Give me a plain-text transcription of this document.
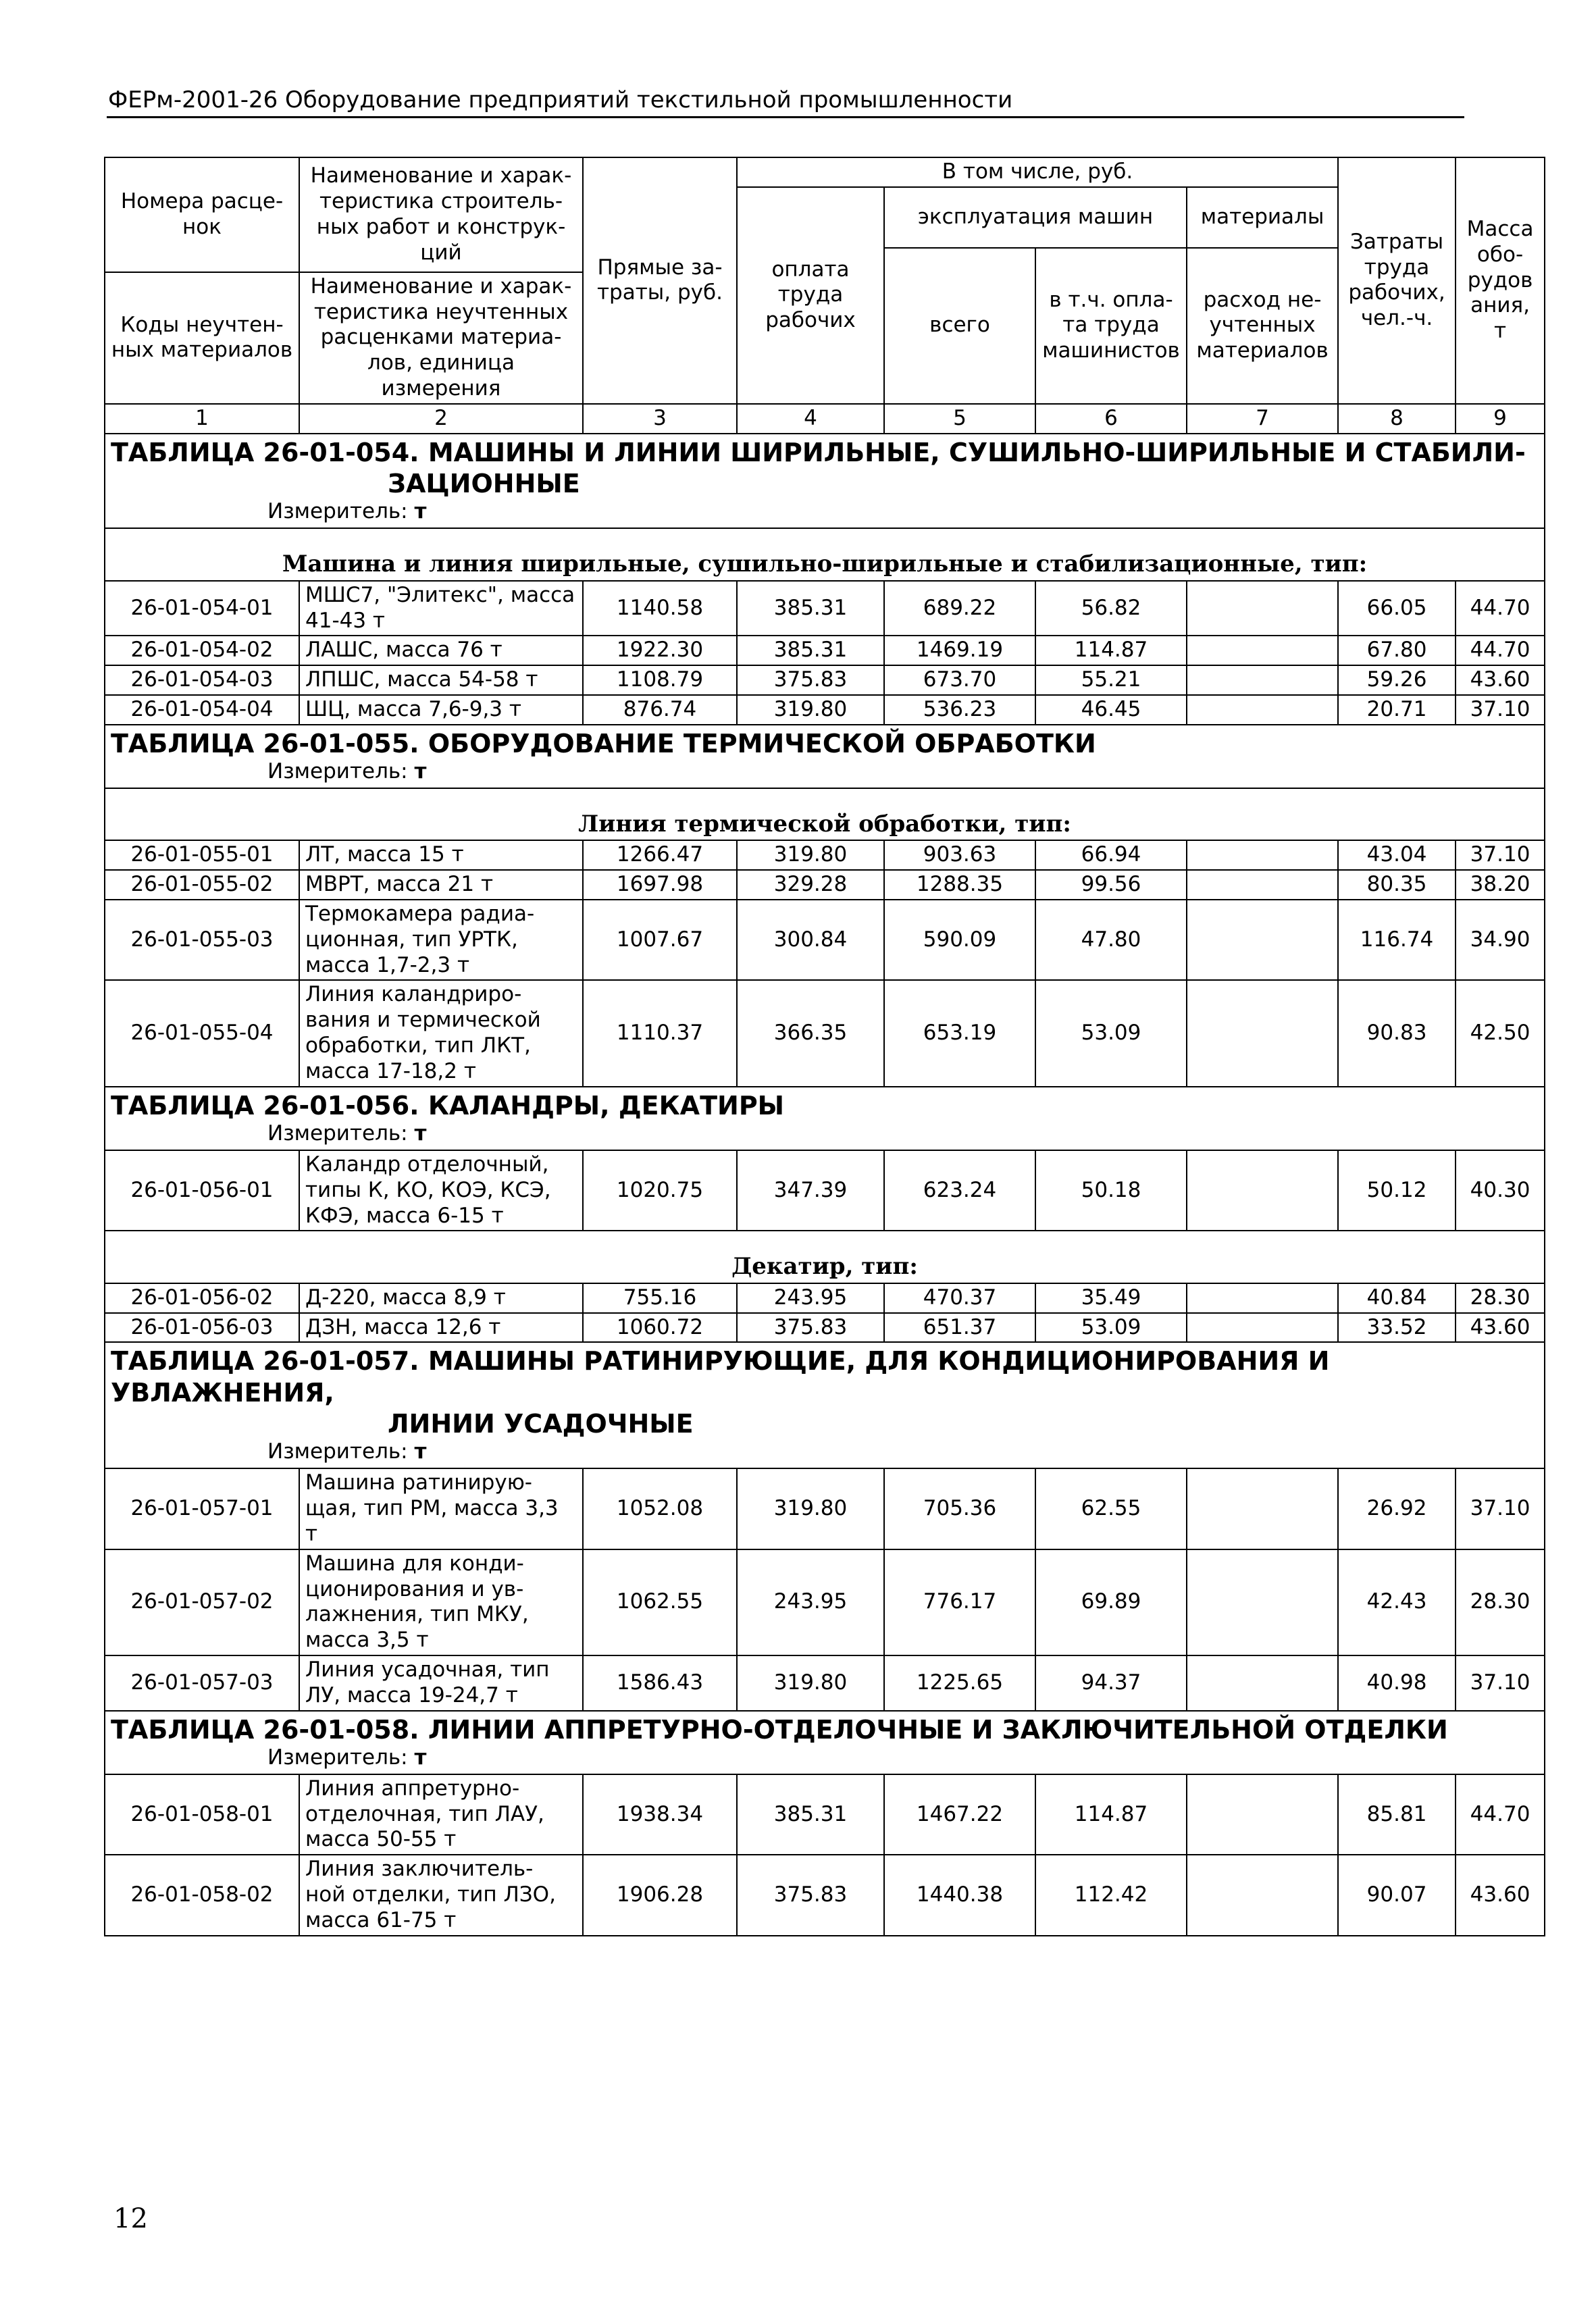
ФЕРм-2001-26 Оборудование предприятий текстильной промышленности
Номера расце- нок	Наименование и харак- теристика строитель- ных работ и конструк- ций	Прямые за- траты, руб.	В том числе, руб.				Затраты труда рабочих, чел.-ч.	Масса обо- рудов ания, т
			оплата труда рабочих	эксплуатация машин		материалы		
				всего	в т.ч. опла- та труда машинистов	расход не- учтенных материалов		
Коды неучтен- ных материалов	Наименование и харак- теристика неучтенных расценками материа- лов, единица измерения							

1	2	3	4	5	6	7	8	9
ТАБЛИЦА 26-01-054. МАШИНЫ И ЛИНИИ ШИРИЛЬНЫЕ, СУШИЛЬНО-ШИРИЛЬНЫЕ И СТАБИЛИ-
ЗАЦИОННЫЕ								

Измеритель: т								

Машина и линия ширильные, сушильно-ширильные и стабилизационные, тип:								
26-01-054-01	МШС7, "Элитекс", масса 41-43 т	1140.58	385.31	689.22	56.82		66.05	44.70
26-01-054-02	ЛАШС, масса 76 т	1922.30	385.31	1469.19	114.87		67.80	44.70
26-01-054-03	ЛПШС, масса 54-58 т	1108.79	375.83	673.70	55.21		59.26	43.60
26-01-054-04	ШЦ, масса 7,6-9,3 т	876.74	319.80	536.23	46.45		20.71	37.10
ТАБЛИЦА 26-01-055. ОБОРУДОВАНИЕ ТЕРМИЧЕСКОЙ ОБРАБОТКИ								
Измеритель: т								

Линия термической обработки, тип:								
26-01-055-01	ЛТ, масса 15 т	1266.47	319.80	903.63	66.94		43.04	37.10
26-01-055-02	МВРТ, масса 21 т	1697.98	329.28	1288.35	99.56		80.35	38.20
26-01-055-03	Термокамера радиа- ционная, тип УРТК, масса 1,7-2,3 т	1007.67	300.84	590.09	47.80		116.74	34.90
26-01-055-04	Линия каландриро- вания и термической обработки, тип ЛКТ, масса 17-18,2 т	1110.37	366.35	653.19	53.09		90.83	42.50
ТАБЛИЦА 26-01-056. КАЛАНДРЫ, ДЕКАТИРЫ								
Измеритель: т								
26-01-056-01	Каландр отделочный, типы К, КО, КОЭ, КСЭ, КФЭ, масса 6-15 т	1020.75	347.39	623.24	50.18		50.12	40.30

Декатир, тип:								
26-01-056-02	Д-220, масса 8,9 т	755.16	243.95	470.37	35.49		40.84	28.30
26-01-056-03	ДЗН, масса 12,6 т	1060.72	375.83	651.37	53.09		33.52	43.60
ТАБЛИЦА 26-01-057. МАШИНЫ РАТИНИРУЮЩИЕ, ДЛЯ КОНДИЦИОНИРОВАНИЯ И УВЛАЖНЕНИЯ,
ЛИНИИ УСАДОЧНЫЕ								

Измеритель: т								
26-01-057-01	Машина ратинирую- щая, тип РМ, масса 3,3 т	1052.08	319.80	705.36	62.55		26.92	37.10
26-01-057-02	Машина для конди- ционирования и ув- лажнения, тип МКУ, масса 3,5 т	1062.55	243.95	776.17	69.89		42.43	28.30
26-01-057-03	Линия усадочная, тип ЛУ, масса 19-24,7 т	1586.43	319.80	1225.65	94.37		40.98	37.10
ТАБЛИЦА 26-01-058. ЛИНИИ АППРЕТУРНО-ОТДЕЛОЧНЫЕ И ЗАКЛЮЧИТЕЛЬНОЙ ОТДЕЛКИ								
Измеритель: т								
26-01-058-01	Линия аппретурно- отделочная, тип ЛАУ, масса 50-55 т	1938.34	385.31	1467.22	114.87		85.81	44.70
26-01-058-02	Линия заключитель- ной отделки, тип ЛЗО, масса 61-75 т	1906.28	375.83	1440.38	112.42		90.07	43.60
12
